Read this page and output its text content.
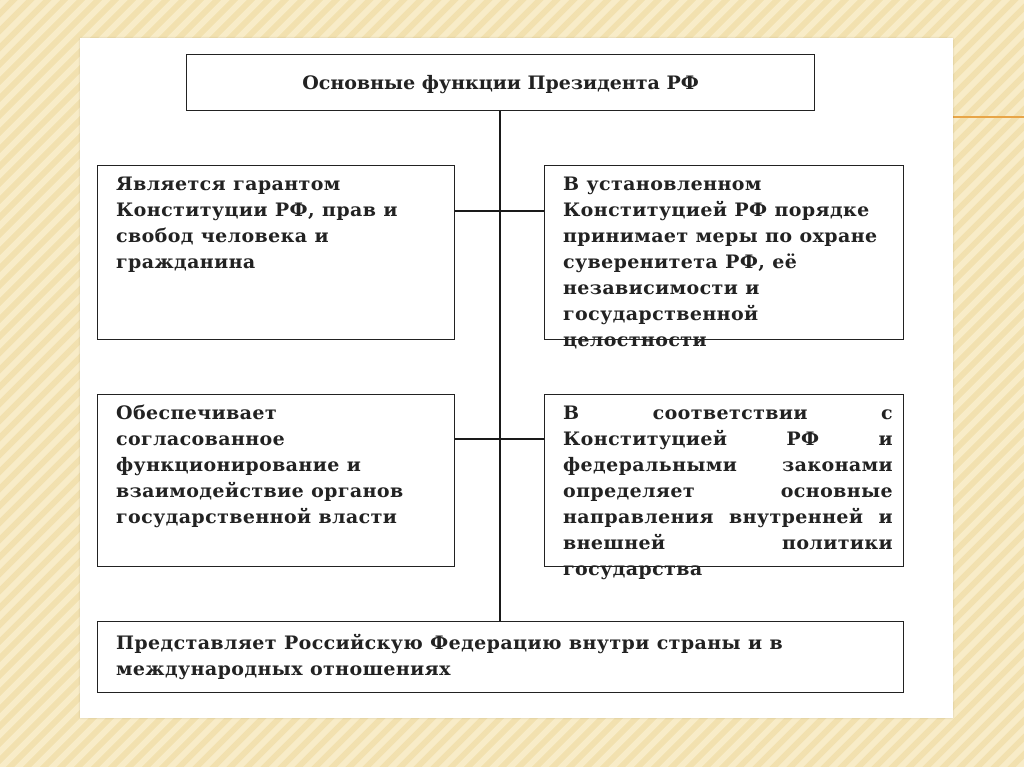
Основные функции Президента РФ
Является гарантом Конституции РФ, прав и свобод человека и гражданина
В установленном Конституцией РФ порядке принимает меры по охране суверенитета РФ, её независимости и государственной целостности
Обеспечивает согласованное функционирование и взаимодействие органов государственной власти
В соответствии с Конституцией РФ и федеральными законами определяет основные направления внутренней и внешней политики государства
Представляет Российскую Федерацию внутри страны и в международных отношениях
